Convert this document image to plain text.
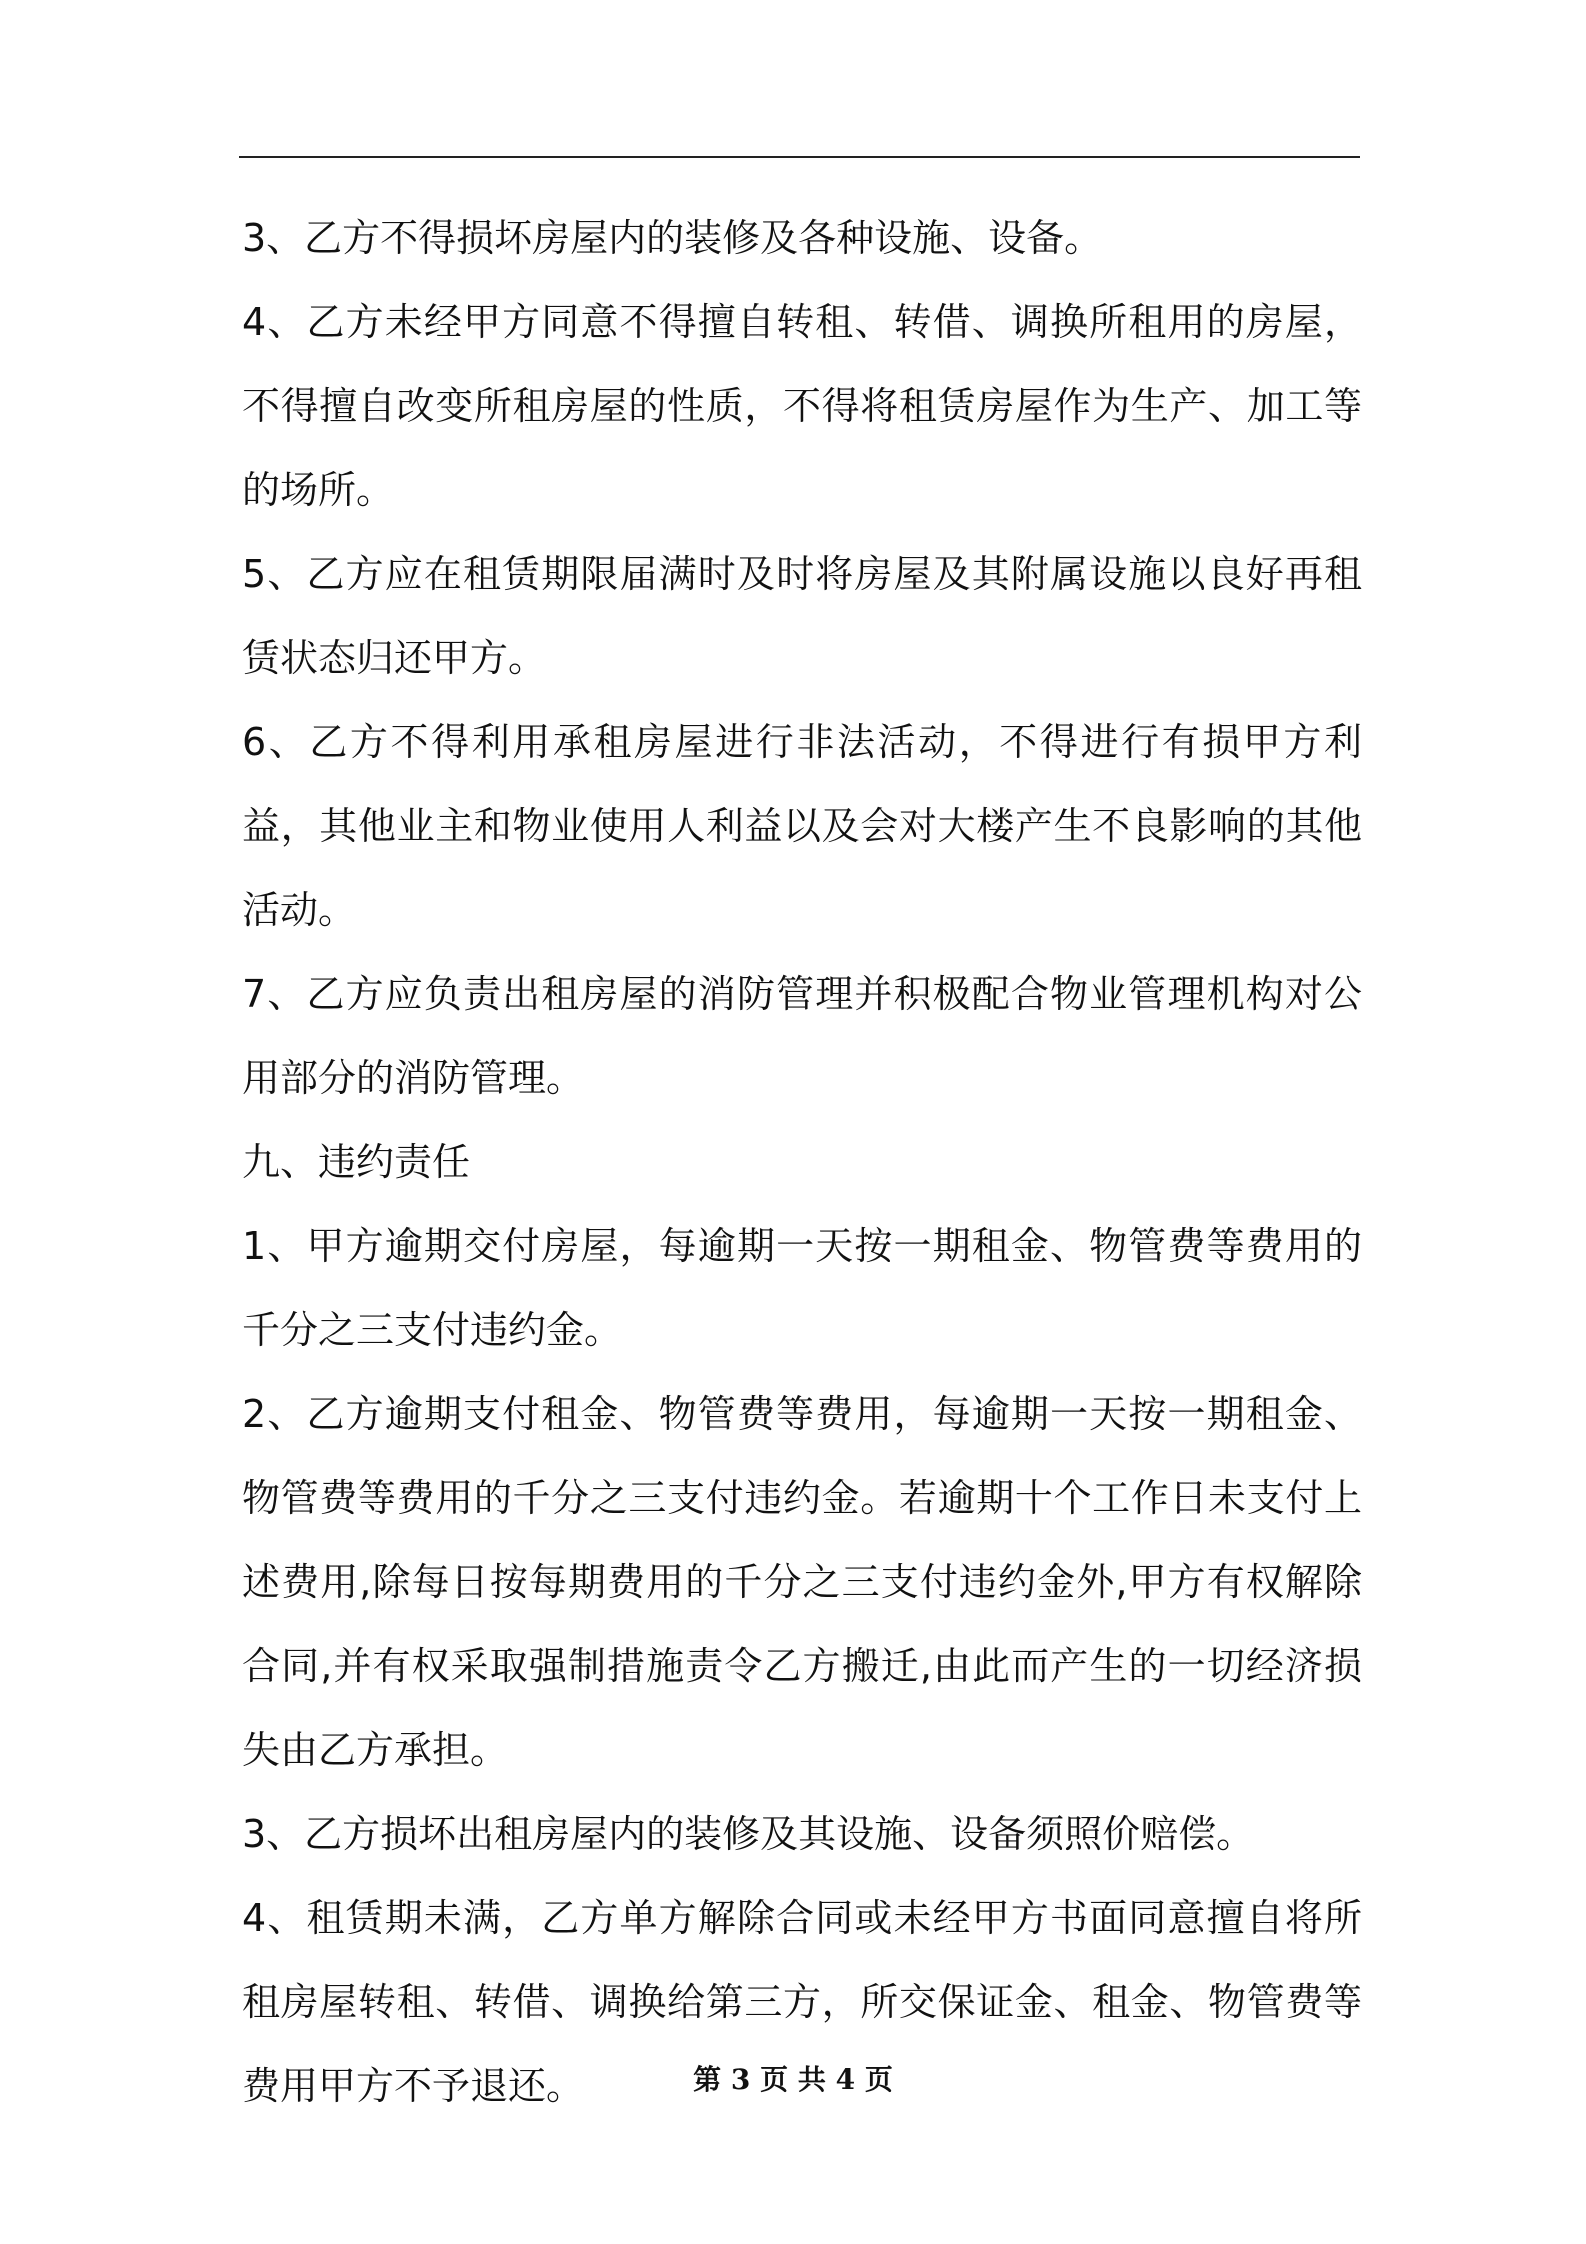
3、乙方不得损坏房屋内的装修及各种设施、设备。

4、乙方未经甲方同意不得擅自转租、转借、调换所租用的房屋，不得擅自改变所租房屋的性质，不得将租赁房屋作为生产、加工等的场所。

5、乙方应在租赁期限届满时及时将房屋及其附属设施以良好再租赁状态归还甲方。

6、乙方不得利用承租房屋进行非法活动，不得进行有损甲方利益，其他业主和物业使用人利益以及会对大楼产生不良影响的其他活动。

7、乙方应负责出租房屋的消防管理并积极配合物业管理机构对公用部分的消防管理。

九、违约责任

1、甲方逾期交付房屋，每逾期一天按一期租金、物管费等费用的千分之三支付违约金。

2、乙方逾期支付租金、物管费等费用，每逾期一天按一期租金、物管费等费用的千分之三支付违约金。若逾期十个工作日未支付上述费用,除每日按每期费用的千分之三支付违约金外,甲方有权解除合同,并有权采取强制措施责令乙方搬迁,由此而产生的一切经济损失由乙方承担。

3、乙方损坏出租房屋内的装修及其设施、设备须照价赔偿。

4、租赁期未满，乙方单方解除合同或未经甲方书面同意擅自将所租房屋转租、转借、调换给第三方，所交保证金、租金、物管费等费用甲方不予退还。	第 3 页 共 4 页
